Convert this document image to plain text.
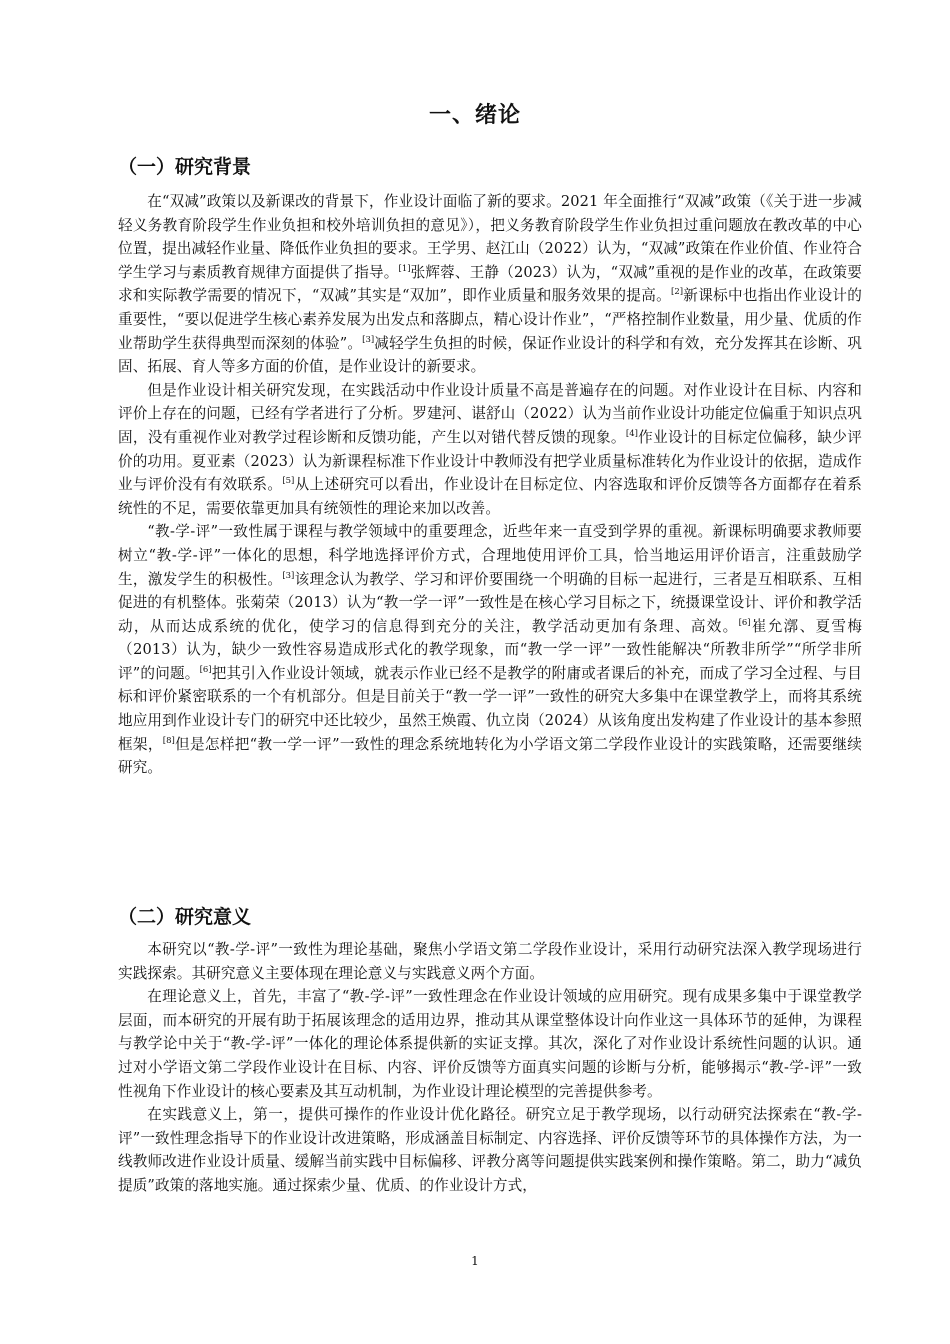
一、绪论
（一）研究背景

在“双减”政策以及新课改的背景下，作业设计面临了新的要求。2021 年全面推行“双减”政策（《关于进一步减轻义务教育阶段学生作业负担和校外培训负担的意见》），把义务教育阶段学生作业负担过重问题放在教改革的中心位置，提出减轻作业量、降低作业负担的要求。王学男、赵江山（2022）认为，“双减”政策在作业价值、作业符合学生学习与素质教育规律方面提供了指导。[1]张辉蓉、王静（2023）认为，“双减”重视的是作业的改革，在政策要求和实际教学需要的情况下，“双减”其实是“双加”，即作业质量和服务效果的提高。[2]新课标中也指出作业设计的重要性，“要以促进学生核心素养发展为出发点和落脚点，精心设计作业”，“严格控制作业数量，用少量、优质的作业帮助学生获得典型而深刻的体验”。[3]减轻学生负担的时候，保证作业设计的科学和有效，充分发挥其在诊断、巩固、拓展、育人等多方面的价值，是作业设计的新要求。

但是作业设计相关研究发现，在实践活动中作业设计质量不高是普遍存在的问题。对作业设计在目标、内容和评价上存在的问题，已经有学者进行了分析。罗建河、谌舒山（2022）认为当前作业设计功能定位偏重于知识点巩固，没有重视作业对教学过程诊断和反馈功能，产生以对错代替反馈的现象。[4]作业设计的目标定位偏移，缺少评价的功用。夏亚素（2023）认为新课程标准下作业设计中教师没有把学业质量标准转化为作业设计的依据，造成作业与评价没有有效联系。[5]从上述研究可以看出，作业设计在目标定位、内容选取和评价反馈等各方面都存在着系统性的不足，需要依靠更加具有统领性的理论来加以改善。

“教-学-评”一致性属于课程与教学领域中的重要理念，近些年来一直受到学界的重视。新课标明确要求教师要树立“教-学-评”一体化的思想，科学地选择评价方式，合理地使用评价工具，恰当地运用评价语言，注重鼓励学生，激发学生的积极性。[3]该理念认为教学、学习和评价要围绕一个明确的目标一起进行，三者是互相联系、互相促进的有机整体。张菊荣（2013）认为“教一学一评”一致性是在核心学习目标之下，统摄课堂设计、评价和教学活动，从而达成系统的优化，使学习的信息得到充分的关注，教学活动更加有条理、高效。[6]崔允漷、夏雪梅（2013）认为，缺少一致性容易造成形式化的教学现象，而“教一学一评”一致性能解决“所教非所学”“所学非所评”的问题。[6]把其引入作业设计领域，就表示作业已经不是教学的附庸或者课后的补充，而成了学习全过程、与目标和评价紧密联系的一个有机部分。但是目前关于“教一学一评”一致性的研究大多集中在课堂教学上，而将其系统地应用到作业设计专门的研究中还比较少，虽然王焕霞、仇立岗（2024）从该角度出发构建了作业设计的基本参照框架，[8]但是怎样把“教一学一评”一致性的理念系统地转化为小学语文第二学段作业设计的实践策略，还需要继续研究。

（二）研究意义

本研究以“教-学-评”一致性为理论基础，聚焦小学语文第二学段作业设计，采用行动研究法深入教学现场进行实践探索。其研究意义主要体现在理论意义与实践意义两个方面。

在理论意义上，首先，丰富了“教-学-评”一致性理念在作业设计领域的应用研究。现有成果多集中于课堂教学层面，而本研究的开展有助于拓展该理念的适用边界，推动其从课堂整体设计向作业这一具体环节的延伸，为课程与教学论中关于“教-学-评”一体化的理论体系提供新的实证支撑。其次，深化了对作业设计系统性问题的认识。通过对小学语文第二学段作业设计在目标、内容、评价反馈等方面真实问题的诊断与分析，能够揭示“教-学-评”一致性视角下作业设计的核心要素及其互动机制，为作业设计理论模型的完善提供参考。

在实践意义上，第一，提供可操作的作业设计优化路径。研究立足于教学现场，以行动研究法探索在“教-学-评”一致性理念指导下的作业设计改进策略，形成涵盖目标制定、内容选择、评价反馈等环节的具体操作方法，为一线教师改进作业设计质量、缓解当前实践中目标偏移、评教分离等问题提供实践案例和操作策略。第二，助力“减负提质”政策的落地实施。通过探索少量、优质、的作业设计方式，

1
